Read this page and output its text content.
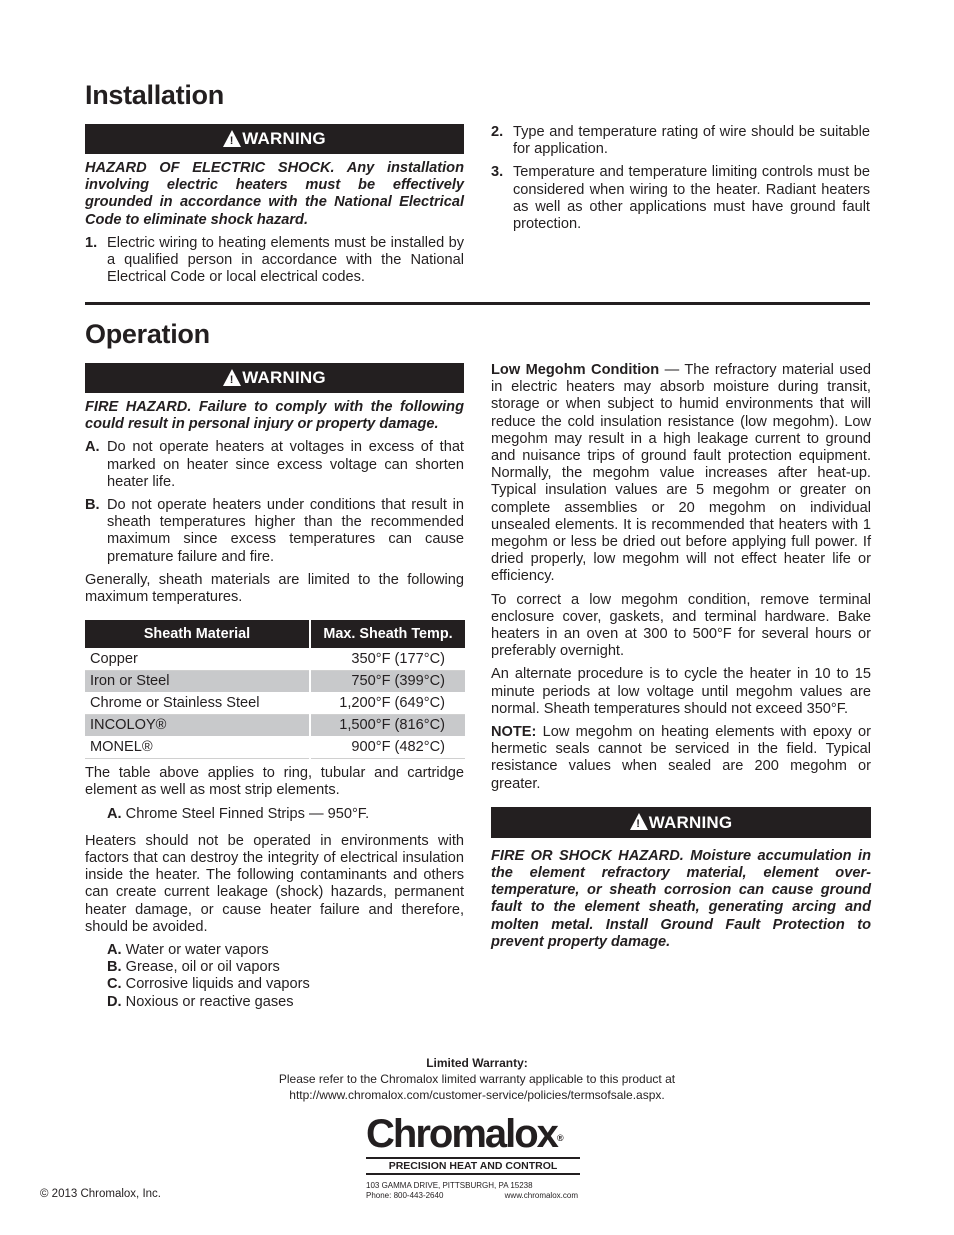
Installation
!
WARNING
HAZARD OF ELECTRIC SHOCK. Any installation involving electric heaters must be effectively grounded in accordance with the National Electrical Code to eliminate shock hazard.
1. Electric wiring to heating elements must be installed by a qualified person in accordance with the National Electrical Code or local electrical codes.
2. Type and temperature rating of wire should be suitable for application.
3. Temperature and temperature limiting controls must be considered when wiring to the heater. Radiant heaters as well as other applications must have ground fault protection.
Operation
!
WARNING
FIRE HAZARD. Failure to comply with the following could result in personal injury or property damage.
A. Do not operate heaters at voltages in excess of that marked on heater since excess voltage can shorten heater life.
B. Do not operate heaters under conditions that result in sheath temperatures higher than the recommended maximum since excess temperatures can cause premature failure and fire.

Generally, sheath materials are limited to the following maximum temperatures.

Sheath Material	Max. Sheath Temp.
Copper	350°F (177°C)
Iron or Steel	750°F (399°C)
Chrome or Stainless Steel	1,200°F (649°C)
INCOLOY®	1,500°F (816°C)
MONEL®	900°F (482°C)

The table above applies to ring, tubular and cartridge element as well as most strip elements.

A. Chrome Steel Finned Strips — 950°F.

Heaters should not be operated in environments with factors that can destroy the integrity of electrical insulation inside the heater. The following contaminants and others can create current leakage (shock) hazards, permanent heater damage, or cause heater failure and therefore, should be avoided.

A. Water or water vapors
B. Grease, oil or oil vapors
C. Corrosive liquids and vapors
D. Noxious or reactive gases

Low Megohm Condition — The refractory material used in electric heaters may absorb moisture during transit, storage or when subject to humid environments that will reduce the cold insulation resistance (low megohm). Low megohm may result in a high leakage current to ground and nuisance trips of ground fault protection equipment. Normally, the megohm value increases after heat-up. Typical insulation values are 5 megohm or greater on complete assemblies or 20 megohm on individual unsealed elements. It is recommended that heaters with 1 megohm or less be dried out before applying full power. If dried properly, low megohm will not effect heater life or efficiency.

To correct a low megohm condition, remove terminal enclosure cover, gaskets, and terminal hardware. Bake heaters in an oven at 300 to 500°F for several hours or preferably overnight.

An alternate procedure is to cycle the heater in 10 to 15 minute periods at low voltage until megohm values are normal. Sheath temperatures should not exceed 350°F.

NOTE: Low megohm on heating elements with epoxy or hermetic seals cannot be serviced in the field. Typical resistance values when sealed are 200 megohm or greater.

!
WARNING
FIRE OR SHOCK HAZARD. Moisture accumulation in the element refractory material, element over-temperature, or sheath corrosion can cause ground fault to the element sheath, generating arcing and molten metal. Install Ground Fault Protection to prevent property damage.
Limited Warranty:
Please refer to the Chromalox limited warranty applicable to this product at
http://www.chromalox.com/customer-service/policies/termsofsale.aspx.
Chromalox®
PRECISION HEAT AND CONTROL
103 GAMMA DRIVE, PITTSBURGH, PA 15238
Phone: 800-443-2640	www.chromalox.com
© 2013 Chromalox, Inc.
